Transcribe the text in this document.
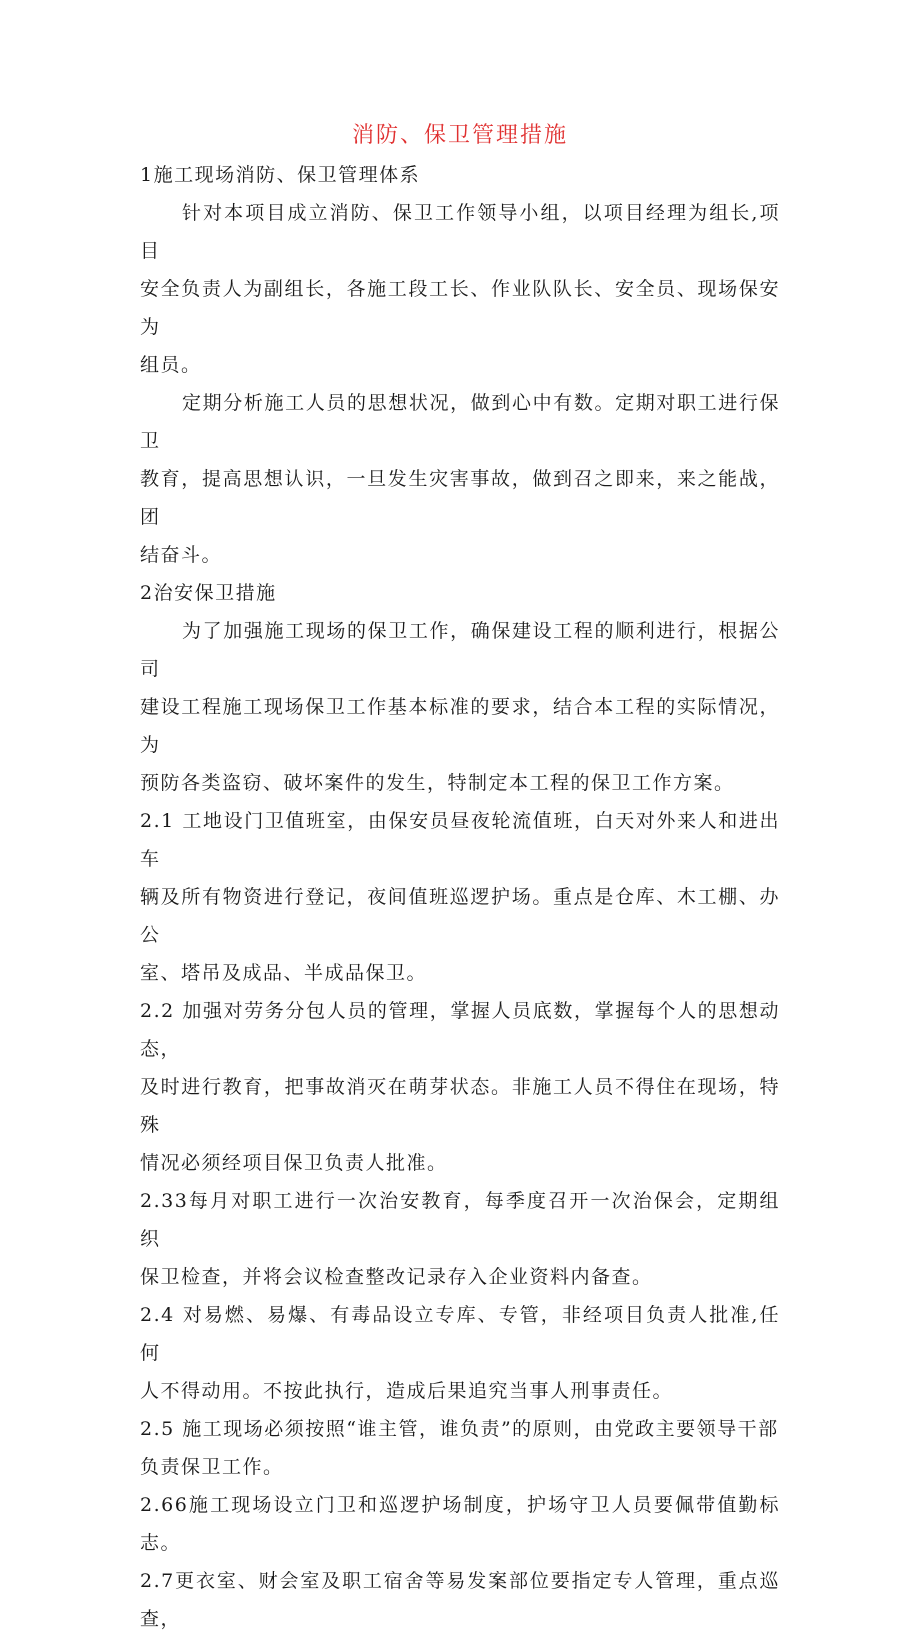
消防、保卫管理措施

1施工现场消防、保卫管理体系

针对本项目成立消防、保卫工作领导小组，以项目经理为组长,项目
安全负责人为副组长，各施工段工长、作业队队长、安全员、现场保安为
组员。

定期分析施工人员的思想状况，做到心中有数。定期对职工进行保卫
教育，提高思想认识，一旦发生灾害事故，做到召之即来，来之能战，团
结奋斗。

2治安保卫措施

为了加强施工现场的保卫工作，确保建设工程的顺利进行，根据公司
建设工程施工现场保卫工作基本标准的要求，结合本工程的实际情况，为
预防各类盗窃、破坏案件的发生，特制定本工程的保卫工作方案。

2.1 工地设门卫值班室，由保安员昼夜轮流值班，白天对外来人和进出车
辆及所有物资进行登记，夜间值班巡逻护场。重点是仓库、木工棚、办公
室、塔吊及成品、半成品保卫。

2.2 加强对劳务分包人员的管理，掌握人员底数，掌握每个人的思想动态，
及时进行教育，把事故消灭在萌芽状态。非施工人员不得住在现场，特殊
情况必须经项目保卫负责人批准。

2.33每月对职工进行一次治安教育，每季度召开一次治保会，定期组织
保卫检查，并将会议检查整改记录存入企业资料内备查。

2.4 对易燃、易爆、有毒品设立专库、专管，非经项目负责人批准,任何
人不得动用。不按此执行，造成后果追究当事人刑事责任。

2.5 施工现场必须按照“谁主管，谁负责”的原则，由党政主要领导干部
负责保卫工作。

2.66施工现场设立门卫和巡逻护场制度，护场守卫人员要佩带值勤标志。

2.7更衣室、财会室及职工宿舍等易发案部位要指定专人管理，重点巡查，
